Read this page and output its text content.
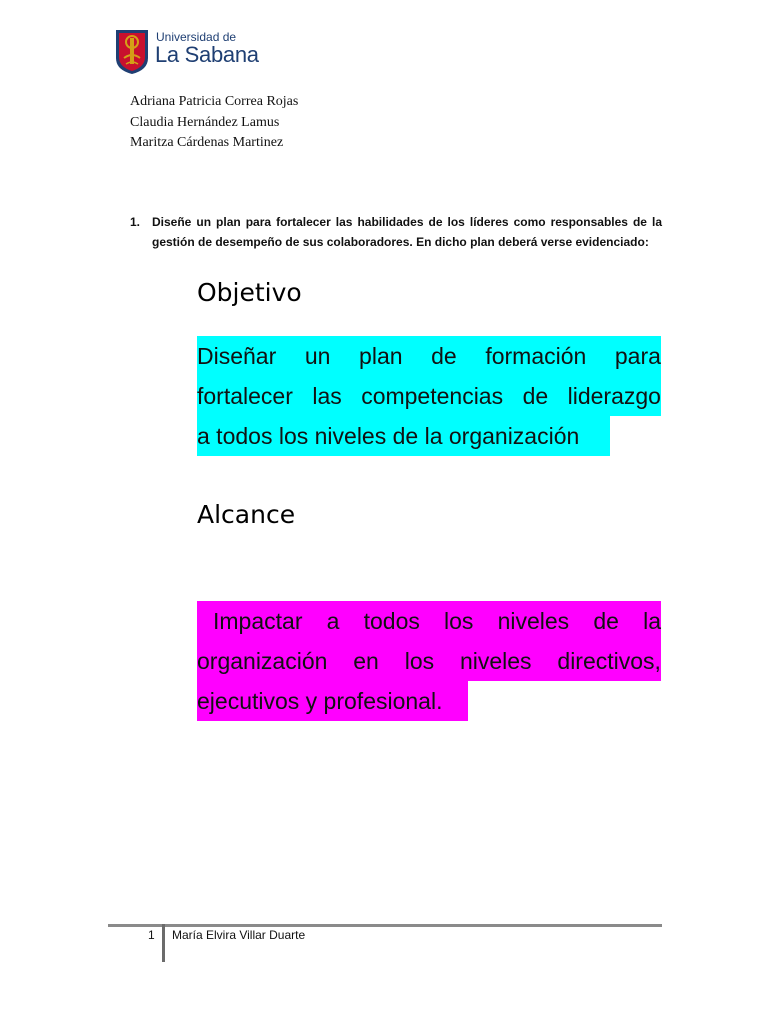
Universidad de
La Sabana
Adriana Patricia Correa Rojas
Claudia Hernández Lamus
Maritza Cárdenas Martinez
1. Diseñe un plan para fortalecer las habilidades de los líderes como responsables de la gestión de desempeño de sus colaboradores. En dicho plan deberá verse evidenciado:
Objetivo
Diseñar un plan de formación para
fortalecer las competencias de liderazgo
a todos los niveles de la organización
Alcance
Impactar a todos los niveles de la
organización en los niveles directivos,
ejecutivos y profesional.
1 María Elvira Villar Duarte
